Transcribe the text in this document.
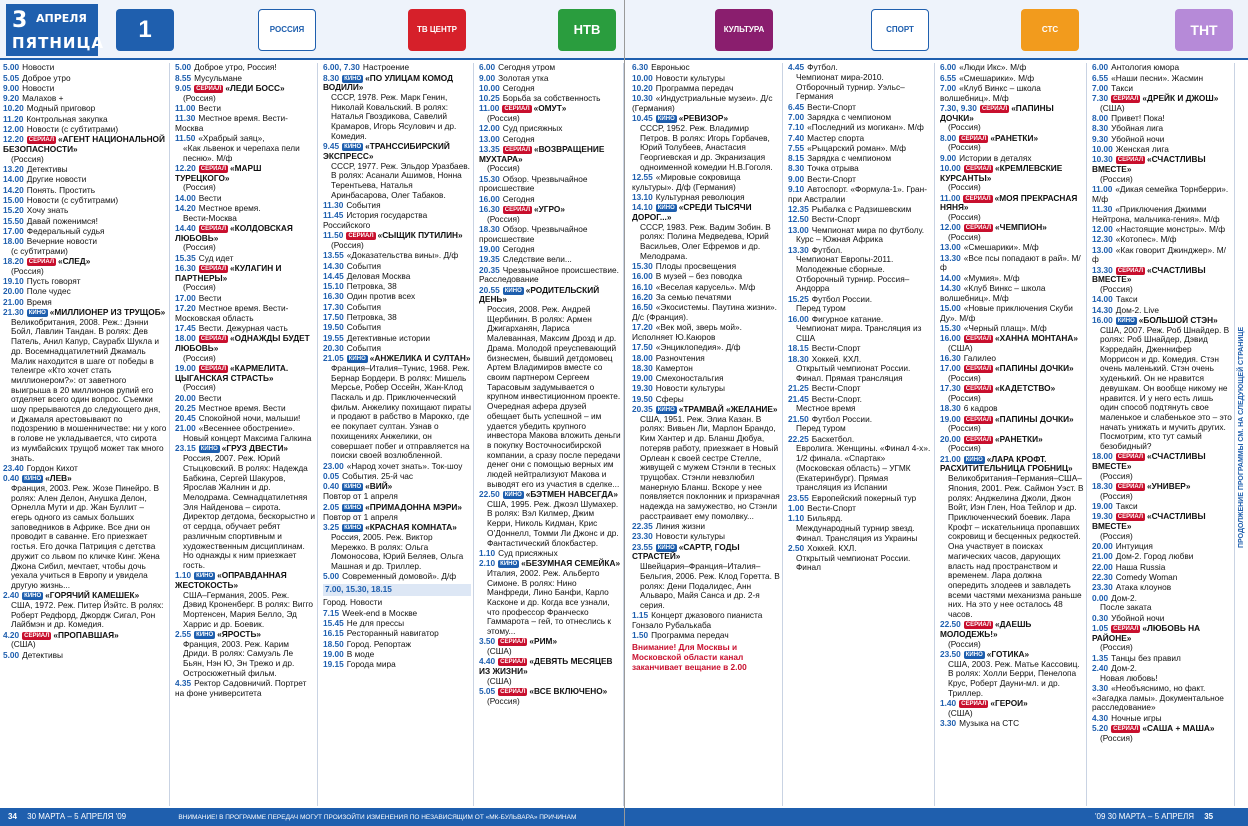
3 АПРЕЛЯ
ПЯТНИЦА
1	РОССИЯ	ТВ ЦЕНТР	НТВ
5.00 Новости
5.05 Доброе утро
9.00 Новости
9.20 Малахов +
10.20 Модный приговор
11.20 Контрольная закупка
12.00 Новости (с субтитрами)
12.20 СЕРИАЛ «АГЕНТ НАЦИОНАЛЬНОЙ БЕЗОПАСНОСТИ»
(Россия)
13.20 Детективы
14.00 Другие новости
14.20 Понять. Простить
15.00 Новости (с субтитрами)
15.20 Хочу знать
15.50 Давай поженимся!
17.00 Федеральный судья
18.00 Вечерние новости
(с субтитрами)
18.20 СЕРИАЛ «СЛЕД»
(Россия)
19.10 Пусть говорят
20.00 Поле чудес
21.00 Время
21.30 КИНО «МИЛЛИОНЕР ИЗ ТРУЩОБ»
Великобритания, 2008. Реж.: Дэнни Бойл, Лавлин Тандан. В ролях: Дев Патель, Анил Капур, Саурабх Шукла и др. Восемнадцатилетний Джамаль Малик находится в шаге от победы в телеигре «Кто хочет стать миллионером?»: от заветного выигрыша в 20 миллионов рупий его отделяет всего один вопрос. Съемки шоу прерываются до следующего дня, и Джамаля арестовывают по подозрению в мошенничестве: ни у кого в голове не укладывается, что сирота из мумбайских трущоб может так много знать.
23.40 Гордон Кихот
0.40 КИНО «ЛЕВ»
Франция, 2003. Реж. Жозе Пинейро. В ролях: Ален Делон, Анушка Делон, Орнелла Мути и др. Жан Буллит – егерь одного из самых больших заповедников в Африке. Все дни он проводит в саванне. Его приезжает гостья. Его дочка Патриция с детства дружит со львом по кличке Кинг. Жена Джона Сибил, мечтает, чтобы дочь уехала учиться в Европу и увидела другую жизнь...
2.40 КИНО «ГОРЯЧИЙ КАМЕШЕК»
США, 1972. Реж. Питер Йэйтс. В ролях: Роберт Редфорд, Джордж Сигал, Рон Лайбмэн и др. Комедия.
4.20 СЕРИАЛ «ПРОПАВШАЯ»
(США)
5.00 Детективы
5.00 Доброе утро, Россия!
8.55 Мусульмане
9.05 СЕРИАЛ «ЛЕДИ БОСС»
(Россия)
11.00 Вести
11.30 Местное время. Вести-Москва
11.50 «Храбрый заяц»,
«Как львенок и черепаха пели песню». М/ф
12.20 СЕРИАЛ «МАРШ ТУРЕЦКОГО»
(Россия)
14.00 Вести
14.20 Местное время.
Вести-Москва
14.40 СЕРИАЛ «КОЛДОВСКАЯ ЛЮБОВЬ»
(Россия)
15.35 Суд идет
16.30 СЕРИАЛ «КУЛАГИН И ПАРТНЕРЫ»
(Россия)
17.00 Вести
17.20 Местное время. Вести-Московская область
17.45 Вести. Дежурная часть
18.00 СЕРИАЛ «ОДНАЖДЫ БУДЕТ ЛЮБОВЬ»
(Россия)
19.00 СЕРИАЛ «КАРМЕЛИТА. ЦЫГАНСКАЯ СТРАСТЬ»
(Россия)
20.00 Вести
20.25 Местное время. Вести
20.45 Спокойной ночи, малыши!
21.00 «Весеннее обострение».
Новый концерт Максима Галкина
23.15 КИНО «ГРУЗ ДВЕСТИ»
Россия, 2007. Реж. Юрий Стыцковский. В ролях: Надежда Бабкина, Сергей Шакуров, Ярослав Жалнин и др. Мелодрама. Семнадцатилетняя Эля Найденова – сирота. Директор детдома, бескорыстно и от сердца, обучает ребят различным спортивным и художественным дисциплинам. Но однажды к ним приезжает гость.
1.10 КИНО «ОПРАВДАННАЯ ЖЕСТОКОСТЬ»
США–Германия, 2005. Реж. Дэвид Кроненберг. В ролях: Вигго Мортенсен, Мария Белло, Эд Харрис и др. Боевик.
2.55 КИНО «ЯРОСТЬ»
Франция, 2003. Реж. Карим Дриди. В ролях: Самуэль Ле Бьян, Нэн Ю, Эн Трежо и др. Остросюжетный фильм.
4.35 Ректор Садовничий. Портрет на фоне университета
6.00, 7.30 Настроение
8.30 КИНО «ПО УЛИЦАМ КОМОД ВОДИЛИ»
СССР, 1978. Реж. Марк Генин, Николай Ковальский. В ролях: Наталья Гвоздикова, Савелий Крамаров, Игорь Ясулович и др. Комедия.
9.45 КИНО «ТРАНССИБИРСКИЙ ЭКСПРЕСС»
СССР, 1977. Реж. Эльдор Уразбаев. В ролях: Асанали Ашимов, Нонна Терентьева, Наталья Аринбасарова, Олег Табаков.
11.30 События
11.45 История государства Российского
11.50 СЕРИАЛ «СЫЩИК ПУТИЛИН»
(Россия)
13.55 «Доказательства вины». Д/ф
14.30 События
14.45 Деловая Москва
15.10 Петровка, 38
16.30 Один против всех
17.30 События
17.50 Петровка, 38
19.50 События
19.55 Детективные истории
20.30 События
21.05 КИНО «АНЖЕЛИКА И СУЛТАН»
Франция–Италия–Тунис, 1968. Реж. Бернар Бордери. В ролях: Мишель Мерсье, Робер Оссейн, Жан-Клод Паскаль и др. Приключенческий фильм. Анжелику похищают пираты и продают в рабство в Марокко, где ее покупает султан. Узнав о похищениях Анжелики, он совершает побег и отправляется на поиски своей возлюбленной.
23.00 «Народ хочет знать». Ток-шоу
0.05 События. 25-й час
0.40 КИНО «ВИЙ»
Повтор от 1 апреля
2.05 КИНО «ПРИМАДОННА МЭРИ»
Повтор от 1 апреля
3.25 КИНО «КРАСНАЯ КОМНАТА»
Россия, 2005. Реж. Виктор Мережко. В ролях: Ольга Ломоносова, Юрий Беляев, Ольга Машная и др. Триллер.
5.00 Современный домовой». Д/ф
7.00, 15.30, 18.15
Город. Новости
7.15 Week-end в Москве
15.45 Не для прессы
16.15 Ресторанный навигатор
18.50 Город. Репортаж
19.00 В моде
19.15 Города мира
6.00 Сегодня утром
9.00 Золотая утка
10.00 Сегодня
10.25 Борьба за собственность
11.00 СЕРИАЛ «ОМУТ»
(Россия)
12.00 Суд присяжных
13.00 Сегодня
13.35 СЕРИАЛ «ВОЗВРАЩЕНИЕ МУХТАРА»
(Россия)
15.30 Обзор. Чрезвычайное происшествие
16.00 Сегодня
16.30 СЕРИАЛ «УГРО»
(Россия)
18.30 Обзор. Чрезвычайное происшествие
19.00 Сегодня
19.35 Следствие вели...
20.35 Чрезвычайное происшествие. Расследование
20.55 КИНО «РОДИТЕЛЬСКИЙ ДЕНЬ»
Россия, 2008. Реж. Андрей Щербинин. В ролях: Армен Джигарханян, Лариса Малеванная, Максим Дрозд и др. Драма. Молодой преуспевающий бизнесмен, бывший детдомовец Артем Владимиров вместе со своим партнером Сергеем Тарасовым задумывается о крупном инвестиционном проекте. Очередная афера друзей обещает быть успешной – им удается убедить крупного инвестора Макова вложить деньги в покупку Восточносибирской компании, а сразу после передачи денег они с помощью верных им людей нейтрализуют Макова и выводят его из участия в сделке...
22.50 КИНО «БЭТМЕН НАВСЕГДА»
США, 1995. Реж. Джоэл Шумахер. В ролях: Вэл Килмер, Джим Керри, Николь Кидман, Крис О’Доннелл, Томми Ли Джонс и др. Фантастический блокбастер.
1.10 Суд присяжных
2.10 КИНО «БЕЗУМНАЯ СЕМЕЙКА»
Италия, 2002. Реж. Альберто Симоне. В ролях: Нино Манфреди, Лино Банфи, Карло Касконе и др. Когда все узнали, что профессор Франческо Гаммарота – гей, то отнеслись к этому...
3.50 СЕРИАЛ «РИМ»
(США)
4.40 СЕРИАЛ «ДЕВЯТЬ МЕСЯЦЕВ ИЗ ЖИЗНИ»
(США)
5.05 СЕРИАЛ «ВСЕ ВКЛЮЧЕНО»
(Россия)
34 30 МАРТА – 5 АПРЕЛЯ '09	ВНИМАНИЕ! В ПРОГРАММЕ ПЕРЕДАЧ МОГУТ ПРОИЗОЙТИ ИЗМЕНЕНИЯ ПО НЕЗАВИСЯЩИМ ОТ «МК-БУЛЬВАРА» ПРИЧИНАМ
КУЛЬТУРА	СПОРТ	СТС	ТНТ
6.30 Евроньюс
10.00 Новости культуры
10.20 Программа передач
10.30 «Индустриальные музеи». Д/с (Германия)
10.45 КИНО «РЕВИЗОР»
СССР, 1952. Реж. Владимир Петров. В ролях: Игорь Горбачев, Юрий Толубеев, Анастасия Георгиевская и др. Экранизация одноименной комедии Н.В.Гоголя.
12.55 «Мировые сокровища культуры». Д/ф (Германия)
13.10 Культурная революция
14.10 КИНО «СРЕДИ ТЫСЯЧИ ДОРОГ...»
СССР, 1983. Реж. Вадим Зобин. В ролях: Полина Медведева, Юрий Васильев, Олег Ефремов и др. Мелодрама.
15.30 Плоды просвещения
16.00 В музей – без поводка
16.10 «Веселая карусель». М/ф
16.20 За семью печатями
16.50 «Экосистемы. Паутина жизни». Д/с (Франция).
17.20 «Век мой, зверь мой». Исполняет Ю.Каюров
17.50 «Энциклопедия». Д/ф
18.00 Разночтения
18.30 Камертон
19.00 Смехоностальгия
19.30 Новости культуры
19.50 Сферы
20.35 КИНО «ТРАМВАЙ «ЖЕЛАНИЕ»
США, 1951. Реж. Элиа Казан. В ролях: Вивьен Ли, Марлон Брандо, Ким Хантер и др. Бланш Дюбуа, потеряв работу, приезжает в Новый Орлеан к своей сестре Стелле, живущей с мужем Стэнли в тесных трущобах. Стэнли невзлюбил манерную Бланш. Вскоре у нее появляется поклонник и призрачная надежда на замужество, но Стэнли расстраивает ему помолвку...
22.35 Линия жизни
23.30 Новости культуры
23.55 КИНО «САРТР, ГОДЫ СТРАСТЕЙ»
Швейцария–Франция–Италия–Бельгия, 2006. Реж. Клод Горетта. В ролях: Дени Подалидес, Анн Альваро, Майя Санса и др. 2-я серия.
1.15 Концерт джазового пианиста Гонзало Рубалькаба
1.50 Программа передач
Внимание! Для Москвы и Московской области канал заканчивает вещание в 2.00
4.45 Футбол.
Чемпионат мира-2010. Отборочный турнир. Уэльс–Германия
6.45 Вести-Спорт
7.00 Зарядка с чемпионом
7.10 «Последний из могикан». М/ф
7.40 Мастер спорта
7.55 «Рыцарский роман». М/ф
8.15 Зарядка с чемпионом
8.30 Точка отрыва
9.00 Вести-Спорт
9.10 Автоспорт. «Формула-1». Гран-при Австралии
12.35 Рыбалка с Радзишевским
12.50 Вести-Спорт
13.00 Чемпионат мира по футболу.
Курс – Южная Африка
13.30 Футбол.
Чемпионат Европы-2011. Молодежные сборные. Отборочный турнир. Россия–Андорра
15.25 Футбол России.
Перед туром
16.00 Фигурное катание.
Чемпионат мира. Трансляция из США
18.15 Вести-Спорт
18.30 Хоккей. КХЛ.
Открытый чемпионат России. Финал. Прямая трансляция
21.25 Вести-Спорт
21.45 Вести-Спорт.
Местное время
21.50 Футбол России.
Перед туром
22.25 Баскетбол.
Евролига. Женщины. «Финал 4-х». 1/2 финала. «Спартак» (Московская область) – УГМК (Екатеринбург). Прямая трансляция из Испании
23.55 Европейский покерный тур
1.00 Вести-Спорт
1.10 Бильярд.
Международный турнир звезд. Финал. Трансляция из Украины
2.50 Хоккей. КХЛ.
Открытый чемпионат России. Финал
6.00 «Люди Икс». М/ф
6.55 «Смешарики». М/ф
7.00 «Клуб Винкс – школа волшебниц». М/ф
7.30, 9.30 СЕРИАЛ «ПАПИНЫ ДОЧКИ»
(Россия)
8.00 СЕРИАЛ «РАНЕТКИ»
(Россия)
9.00 Истории в деталях
10.00 СЕРИАЛ «КРЕМЛЕВСКИЕ КУРСАНТЫ»
(Россия)
11.00 СЕРИАЛ «МОЯ ПРЕКРАСНАЯ НЯНЯ»
(Россия)
12.00 СЕРИАЛ «ЧЕМПИОН»
(Россия)
13.00 «Смешарики». М/ф
13.30 «Все псы попадают в рай». М/ф
14.00 «Мумия». М/ф
14.30 «Клуб Винкс – школа волшебниц». М/ф
15.00 «Новые приключения Скуби Ду». М/ф
15.30 «Черный плащ». М/ф
16.00 СЕРИАЛ «ХАННА МОНТАНА»
(США)
16.30 Галилео
17.00 СЕРИАЛ «ПАПИНЫ ДОЧКИ»
(Россия)
17.30 СЕРИАЛ «КАДЕТСТВО»
(Россия)
18.30 6 кадров
19.00 СЕРИАЛ «ПАПИНЫ ДОЧКИ»
(Россия)
20.00 СЕРИАЛ «РАНЕТКИ»
(Россия)
21.00 КИНО «ЛАРА КРОФТ. РАСХИТИТЕЛЬНИЦА ГРОБНИЦ»
Великобритания–Германия–США–Япония, 2001. Реж. Саймон Уэст. В ролях: Анджелина Джоли, Джон Войт, Иэн Глен, Ноа Тейлор и др. Приключенческий боевик. Лара Крофт – искательница пропавших сокровищ и бесценных редкостей. Она участвует в поисках магических часов, дарующих власть над пространством и временем. Лара должна опередить злодеев и завладеть всеми частями механизма раньше них. На это у нее осталось 48 часов.
22.50 СЕРИАЛ «ДАЕШЬ МОЛОДЕЖЬ!»
(Россия)
23.50 КИНО «ГОТИКА»
США, 2003. Реж. Матье Кассовиц. В ролях: Холли Берри, Пенелопа Крус, Роберт Дауни-мл. и др. Триллер.
1.40 СЕРИАЛ «ГЕРОИ»
(США)
3.30 Музыка на СТС
6.00 Антология юмора
6.55 «Наши песни». Жасмин
7.00 Такси
7.30 СЕРИАЛ «ДРЕЙК И ДЖОШ»
(США)
8.00 Привет! Пока!
8.30 Убойная лига
9.30 Убойной ночи
10.00 Женская лига
10.30 СЕРИАЛ «СЧАСТЛИВЫ ВМЕСТЕ»
(Россия)
11.00 «Дикая семейка Торнберри». М/ф
11.30 «Приключения Джимми Нейтрона, мальчика-гения». М/ф
12.00 «Настоящие монстры». М/ф
12.30 «Котопес». М/ф
13.00 «Как говорит Джинджер». М/ф
13.30 СЕРИАЛ «СЧАСТЛИВЫ ВМЕСТЕ»
(Россия)
14.00 Такси
14.30 Дом-2. Live
16.00 КИНО «БОЛЬШОЙ СТЭН»
США, 2007. Реж. Роб Шнайдер. В ролях: Роб Шнайдер, Дэвид Кэрредайн, Дженнифер Моррисон и др. Комедия. Стэн очень маленький. Стэн очень худенький. Он не нравится девушкам. Он вообще никому не нравится. И у него есть лишь один способ подтянуть свое маленькое и слабенькое это – это начать унижать и мучить других. Посмотрим, кто тут самый безобидный?
18.00 СЕРИАЛ «СЧАСТЛИВЫ ВМЕСТЕ»
(Россия)
18.30 СЕРИАЛ «УНИВЕР»
(Россия)
19.00 Такси
19.30 СЕРИАЛ «СЧАСТЛИВЫ ВМЕСТЕ»
(Россия)
20.00 Интуиция
21.00 Дом-2. Город любви
22.00 Наша Russia
22.30 Comedy Woman
23.30 Атака клоунов
0.00 Дом-2.
После заката
0.30 Убойной ночи
1.05 СЕРИАЛ «ЛЮБОВЬ НА РАЙОНЕ»
(Россия)
1.35 Танцы без правил
2.40 Дом-2.
Новая любовь!
3.30 «Необъяснимо, но факт. «Загадка ламы». Документальное расследование»
4.30 Ночные игры
5.20 СЕРИАЛ «САША + МАША»
(Россия)
ПРОДОЛЖЕНИЕ ПРОГРАММЫ СМ. НА СЛЕДУЮЩЕЙ СТРАНИЦЕ
'09 30 МАРТА – 5 АПРЕЛЯ 35
